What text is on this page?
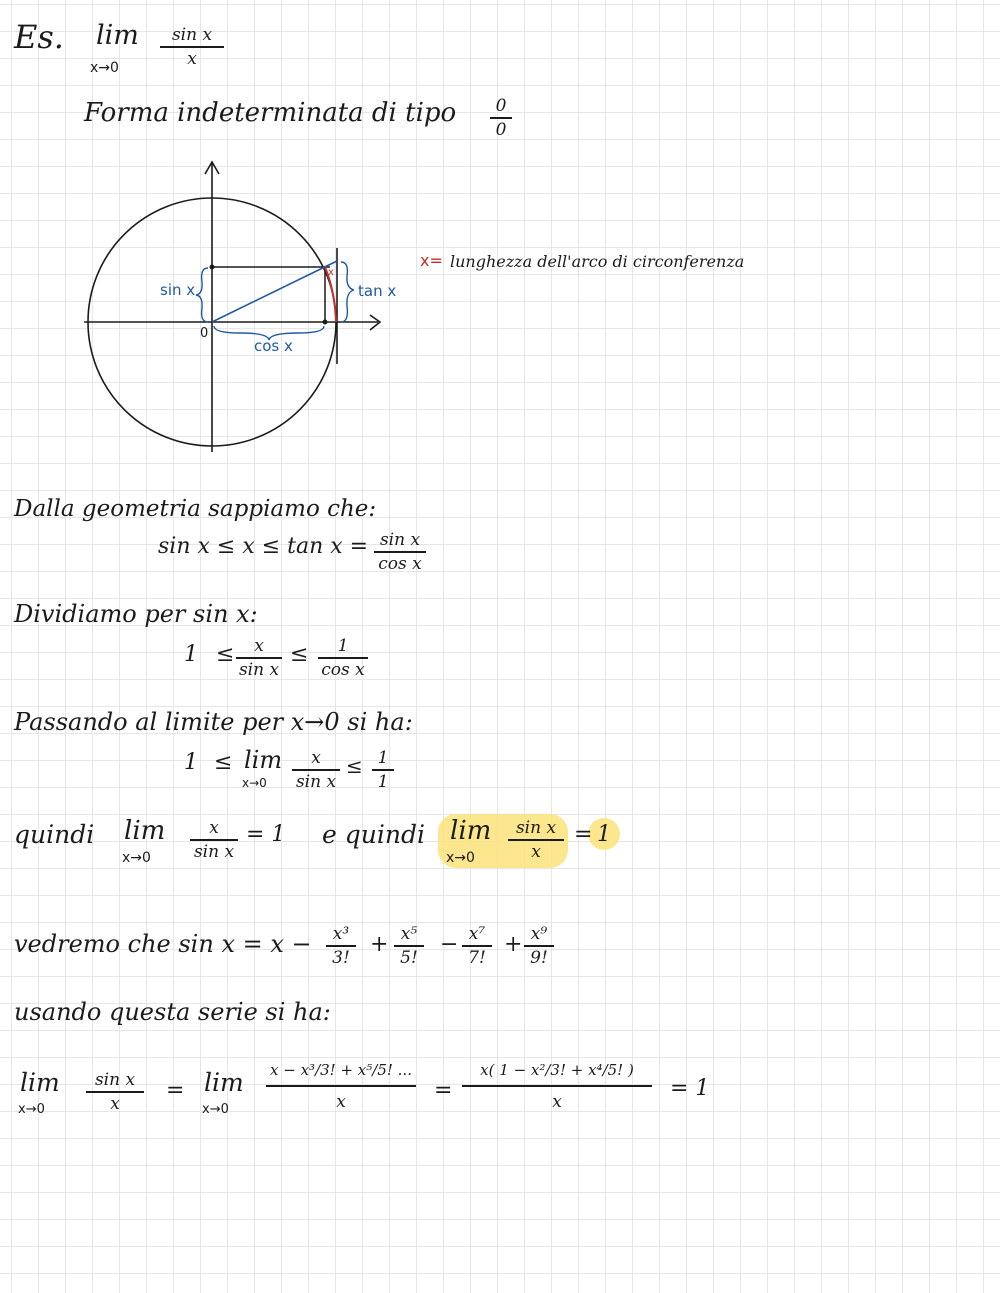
Es. lim
x→0
sin x
x
Forma indeterminata di tipo 0
0
sin x	tan x
cos x
0
x
x= lunghezza dell'arco di circonferenza
Dalla geometria sappiamo che:
sin x ≤ x ≤ tan x = sin x
cos x
Dividiamo per sin x:
1 ≤ x
sin x
≤ 1
cos x
Passando al limite per x→0 si ha:
1 ≤ lim
x→0
x
sin x
≤ 1
1
quindi lim
x→0
x
sin x
= 1 e quindi lim
x→0
sin x
x
= 1
vedremo che sin x = x − x³
3!
+ x⁵
5!
− x⁷
7!
+ x⁹
9!
usando questa serie si ha:
lim
x→0
sin x
x
= lim
x→0
x − x³/3! + x⁵/5! ...
x	=
x( 1 − x²/3! + x⁴/5! )
x
= 1
